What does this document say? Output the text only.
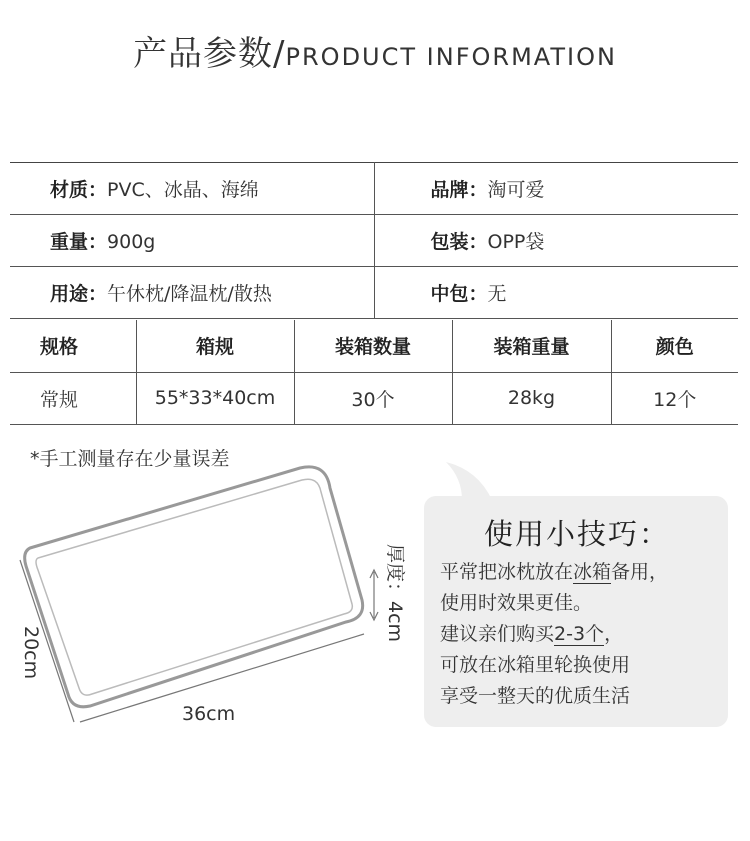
产品参数/PRODUCT INFORMATION
材质：PVC、冰晶、海绵	品牌：淘可爱
重量：900g	包装：OPP袋
用途：午休枕/降温枕/散热	中包：无
规格	箱规	装箱数量	装箱重量	颜色
常规	55*33*40cm	30个	28kg	12个
*手工测量存在少量误差
36cm
20cm
厚度：4cm
使用小技巧：
平常把冰枕放在冰箱备用，
使用时效果更佳。
建议亲们购买2-3个，
可放在冰箱里轮换使用
享受一整天的优质生活
